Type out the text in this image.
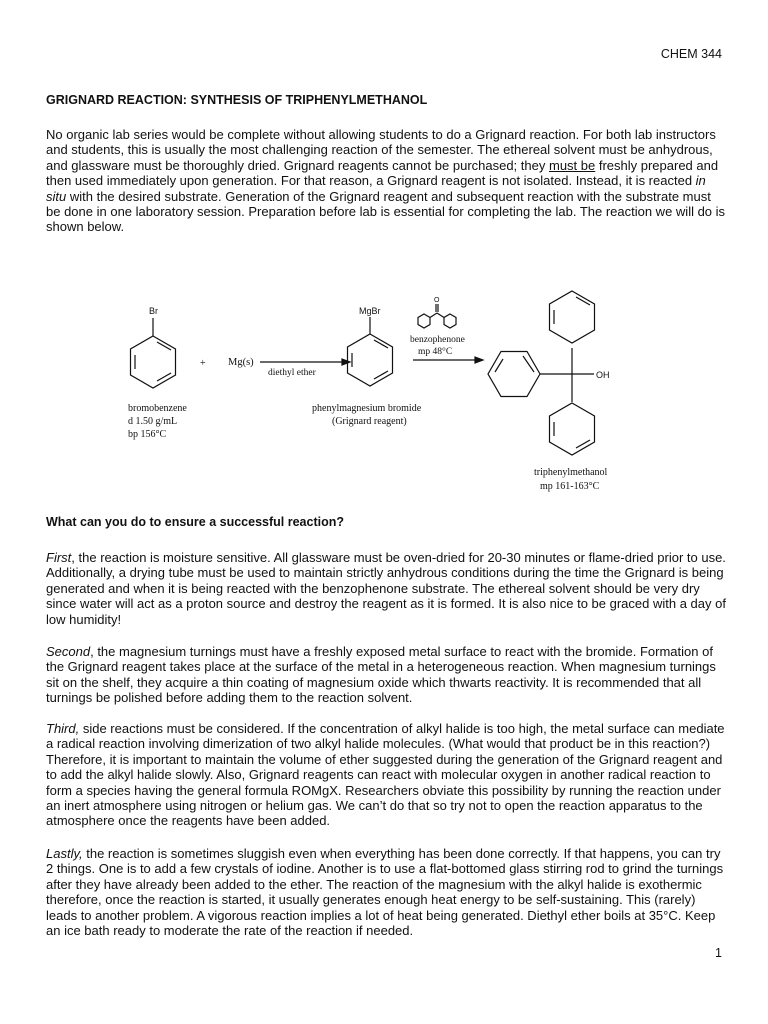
CHEM 344
GRIGNARD REACTION: SYNTHESIS OF TRIPHENYLMETHANOL

No organic lab series would be complete without allowing students to do a Grignard reaction. For both lab instructors and students, this is usually the most challenging reaction of the semester. The ethereal solvent must be anhydrous, and glassware must be thoroughly dried. Grignard reagents cannot be purchased; they must be freshly prepared and then used immediately upon generation. For that reason, a Grignard reagent is not isolated. Instead, it is reacted in situ with the desired substrate. Generation of the Grignard reagent and subsequent reaction with the substrate must be done in one laboratory session. Preparation before lab is essential for completing the lab. The reaction we will do is shown below.

Br
+ Mg(s)
diethyl ether
MgBr
O
benzophenone
mp 48°C
OH
bromobenzene
d 1.50 g/mL
bp 156°C
phenylmagnesium bromide
(Grignard reagent)
triphenylmethanol
mp 161-163°C
What can you do to ensure a successful reaction?

First, the reaction is moisture sensitive. All glassware must be oven-dried for 20-30 minutes or flame-dried prior to use. Additionally, a drying tube must be used to maintain strictly anhydrous conditions during the time the Grignard is being generated and when it is being reacted with the benzophenone substrate. The ethereal solvent should be very dry since water will act as a proton source and destroy the reagent as it is formed. It is also nice to be graced with a day of low humidity!

Second, the magnesium turnings must have a freshly exposed metal surface to react with the bromide. Formation of the Grignard reagent takes place at the surface of the metal in a heterogeneous reaction. When magnesium turnings sit on the shelf, they acquire a thin coating of magnesium oxide which thwarts reactivity. It is recommended that all turnings be polished before adding them to the reaction solvent.

Third, side reactions must be considered. If the concentration of alkyl halide is too high, the metal surface can mediate a radical reaction involving dimerization of two alkyl halide molecules. (What would that product be in this reaction?) Therefore, it is important to maintain the volume of ether suggested during the generation of the Grignard reagent and to add the alkyl halide slowly. Also, Grignard reagents can react with molecular oxygen in another radical reaction to form a species having the general formula ROMgX. Researchers obviate this possibility by running the reaction under an inert atmosphere using nitrogen or helium gas. We can’t do that so try not to open the reaction apparatus to the atmosphere once the reagents have been added.

Lastly, the reaction is sometimes sluggish even when everything has been done correctly. If that happens, you can try 2 things. One is to add a few crystals of iodine. Another is to use a flat-bottomed glass stirring rod to grind the turnings after they have already been added to the ether. The reaction of the magnesium with the alkyl halide is exothermic therefore, once the reaction is started, it usually generates enough heat energy to be self-sustaining. This (rarely) leads to another problem. A vigorous reaction implies a lot of heat being generated. Diethyl ether boils at 35°C. Keep an ice bath ready to moderate the rate of the reaction if needed.

1
